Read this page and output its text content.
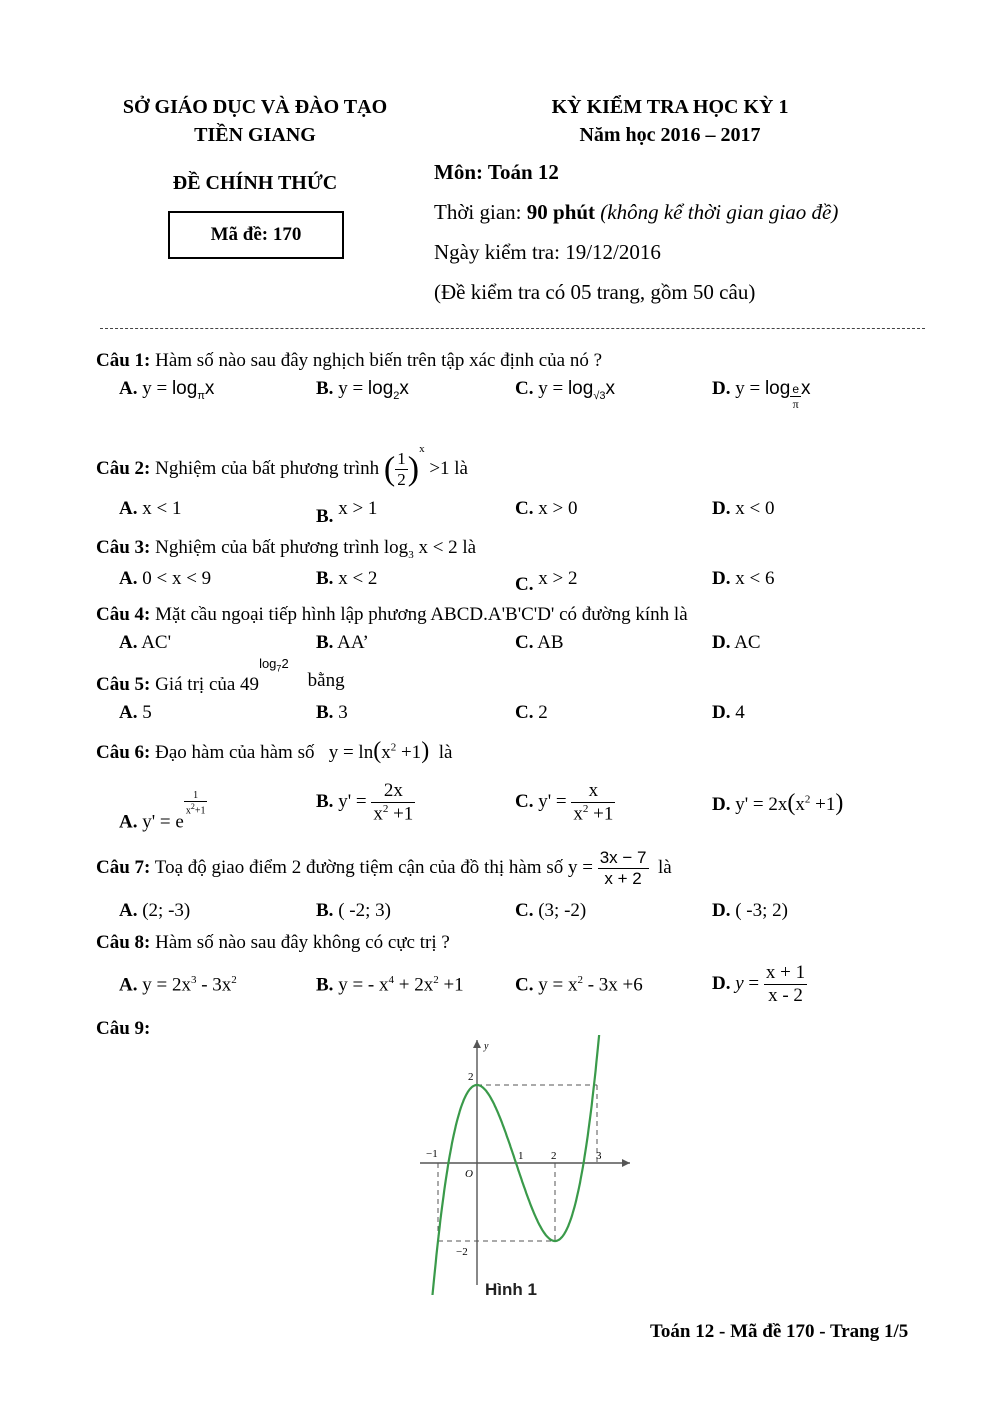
SỞ GIÁO DỤC VÀ ĐÀO TẠO
TIỀN GIANG
ĐỀ CHÍNH THỨC
Mã đề: 170
KỲ KIỂM TRA HỌC KỲ 1
Năm học 2016 – 2017
Môn: Toán 12
Thời gian: 90 phút (không kể thời gian giao đề)
Ngày kiểm tra: 19/12/2016
(Đề kiểm tra có 05 trang, gồm 50 câu)
Câu 1: Hàm số nào sau đây nghịch biến trên tập xác định của nó ?
A. $y = \log_\pi x$	B. $y = \log_2x$	C. $y = \log_{√3}x$	D. $y = \log \frac{e}{\pi}$ x
Câu 2: Nghiệm của bất phương trình ( $\frac{1}{2} )^x >1$ là
A. x < 1	B. x > 1	C. x > 0	D. x < 0
Câu 3: Nghiệm của bất phương trình $\log_3 x < 2$ là
A. 0 < x < 9	B. x < 2	C. x > 2	D. x < 6
Câu 4: Mặt cầu ngoại tiếp hình lập phương ABCD.A'B'C'D' có đường kính là
A. AC'	B. AA’	C. AB	D. AC
Câu 5: Giá trị của $49^{log_72}$    bằng
A. 5	B. 3	C. 2	D. 4
Câu 6: Đạo hàm của hàm số   $y = \ln(x^2 +1)$ là
A. y' = e
$\frac{1}{x^2+1}$	B. $y' = \frac{2x}{x^2 +1}$	C. $y' = \frac{x}{x^2 +1}$	D. $y' = 2x(x^2 +1)$
Câu 7: Toạ độ giao điểm 2 đường tiệm cận của đồ thị hàm số $y = \frac{3x - 7}{x + 2}$ là
A. (2; -3)	B. ( -2; 3)	C. (3; -2)	D. ( -3; 2)
Câu 8: Hàm số nào sau đây không có cực trị ?
A. $y = 2x^3 - 3x^2$	B. y = - $x^4 + 2x^2 +1$	C. $y = x^2 - 3x +6$	D. $y = \frac{x + 1}{x - 2}$
Câu 9:
y
O
−1	1	2	3
2
−2
Hình 1
Toán 12 - Mã đề 170 - Trang 1/5
